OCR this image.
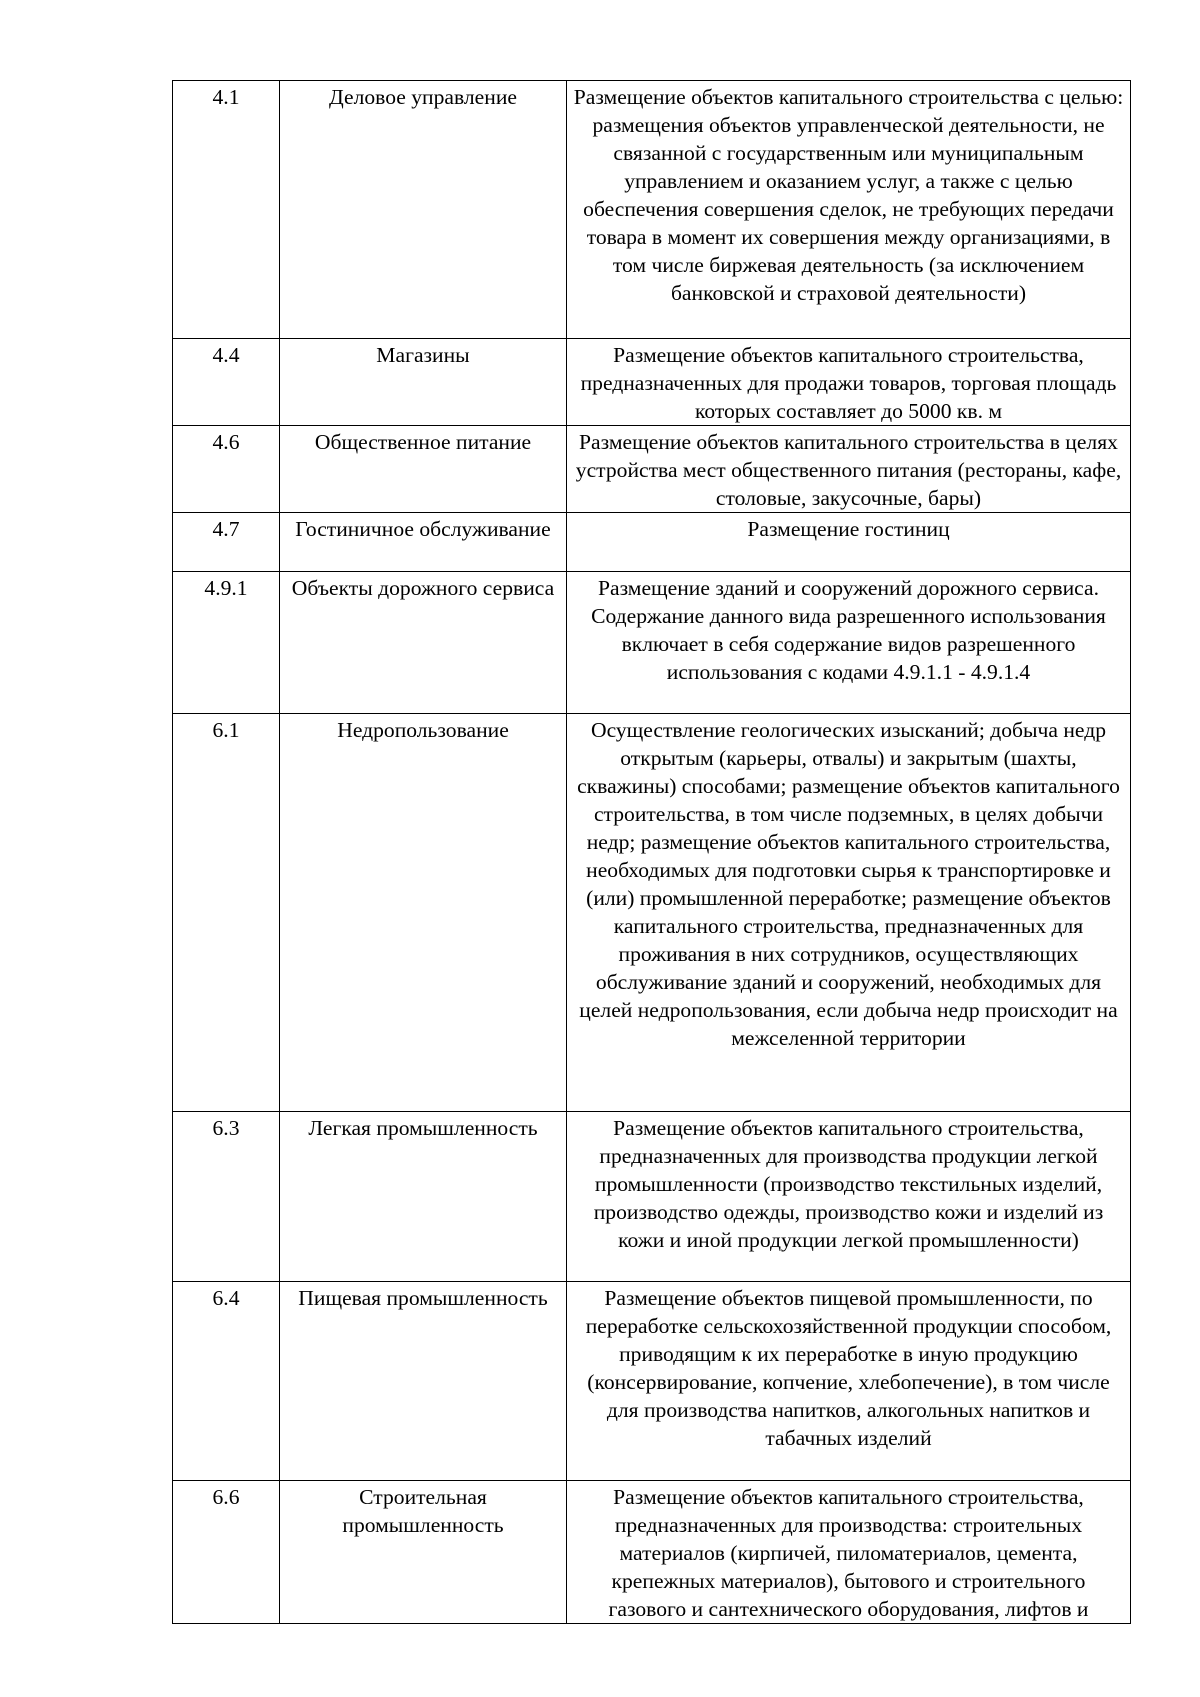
4.1	Деловое управление	Размещение объектов капитального строительства с целью: размещения объектов управленческой деятельности, не связанной с государственным или муниципальным управлением и оказанием услуг, а также с целью обеспечения совершения сделок, не требующих передачи товара в момент их совершения между организациями, в том числе биржевая деятельность (за исключением банковской и страховой деятельности)
4.4	Магазины	Размещение объектов капитального строительства, предназначенных для продажи товаров, торговая площадь которых составляет до 5000 кв. м
4.6	Общественное питание	Размещение объектов капитального строительства в целях устройства мест общественного питания (рестораны, кафе, столовые, закусочные, бары)
4.7	Гостиничное обслуживание	Размещение гостиниц
4.9.1	Объекты дорожного сервиса	Размещение зданий и сооружений дорожного сервиса. Содержание данного вида разрешенного использования включает в себя содержание видов разрешенного использования с кодами 4.9.1.1 - 4.9.1.4
6.1	Недропользование	Осуществление геологических изысканий; добыча недр открытым (карьеры, отвалы) и закрытым (шахты, скважины) способами; размещение объектов капитального строительства, в том числе подземных, в целях добычи недр; размещение объектов капитального строительства, необходимых для подготовки сырья к транспортировке и (или) промышленной переработке; размещение объектов капитального строительства, предназначенных для проживания в них сотрудников, осуществляющих обслуживание зданий и сооружений, необходимых для целей недропользования, если добыча недр происходит на межселенной территории
6.3	Легкая промышленность	Размещение объектов капитального строительства, предназначенных для производства продукции легкой промышленности (производство текстильных изделий, производство одежды, производство кожи и изделий из кожи и иной продукции легкой промышленности)
6.4	Пищевая промышленность	Размещение объектов пищевой промышленности, по переработке сельскохозяйственной продукции способом, приводящим к их переработке в иную продукцию (консервирование, копчение, хлебопечение), в том числе для производства напитков, алкогольных напитков и табачных изделий
6.6	Строительная промышленность	Размещение объектов капитального строительства, предназначенных для производства: строительных материалов (кирпичей, пиломатериалов, цемента, крепежных материалов), бытового и строительного газового и сантехнического оборудования, лифтов и
